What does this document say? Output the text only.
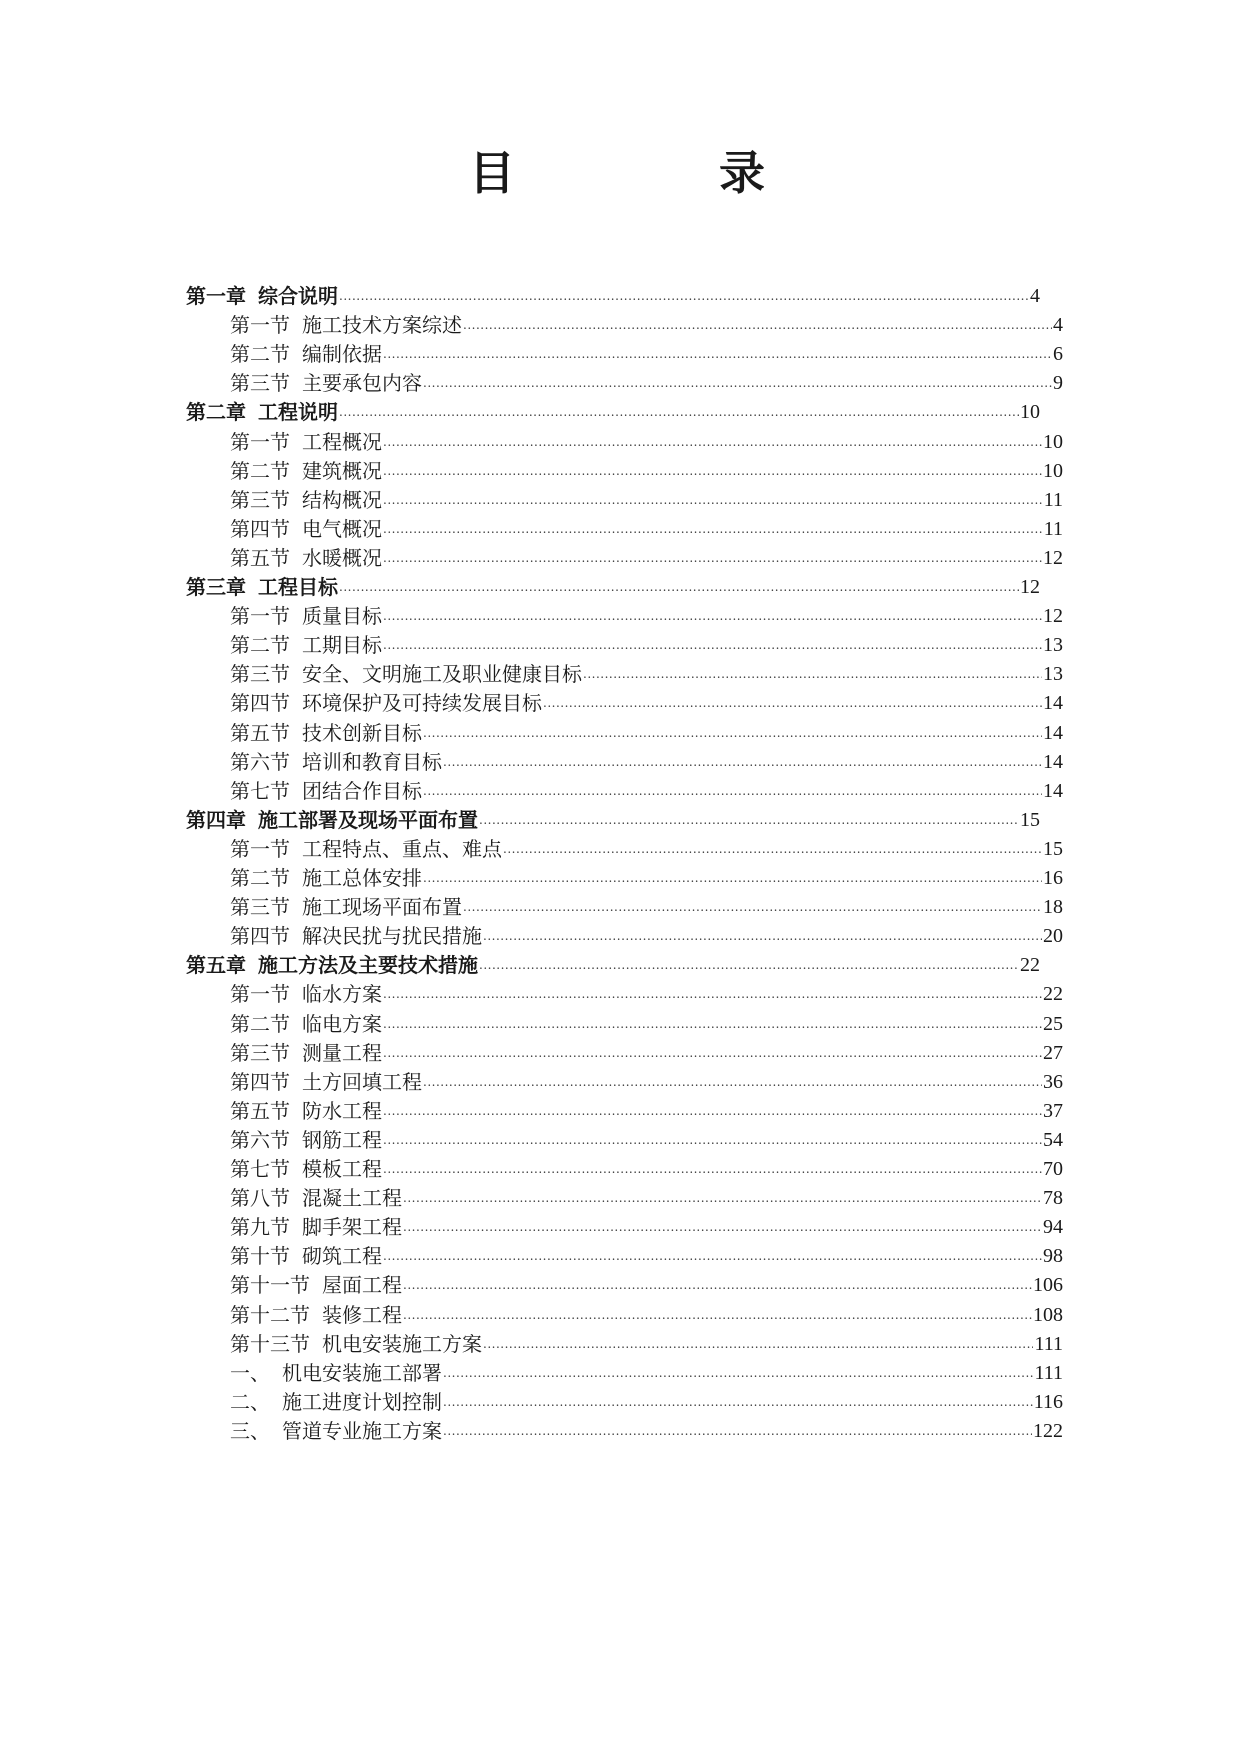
目	录
第一章 综合说明 .....	4
第一节 施工技术方案综述 .....	4
第二节 编制依据 .....	6
第三节 主要承包内容 .....	9
第二章 工程说明 .....	10
第一节 工程概况 .....	10
第二节 建筑概况 .....	10
第三节 结构概况 .....	11
第四节 电气概况 .....	11
第五节 水暖概况 .....	12
第三章 工程目标 .....	12
第一节 质量目标 .....	12
第二节 工期目标 .....	13
第三节 安全、文明施工及职业健康目标 .....	13
第四节 环境保护及可持续发展目标 .....	14
第五节 技术创新目标 .....	14
第六节 培训和教育目标 .....	14
第七节 团结合作目标 .....	14
第四章 施工部署及现场平面布置 .....	15
第一节 工程特点、重点、难点 .....	15
第二节 施工总体安排 .....	16
第三节 施工现场平面布置 .....	18
第四节 解决民扰与扰民措施 .....	20
第五章 施工方法及主要技术措施 .....	22
第一节 临水方案 .....	22
第二节 临电方案 .....	25
第三节 测量工程 .....	27
第四节 土方回填工程 .....	36
第五节 防水工程 .....	37
第六节 钢筋工程 .....	54
第七节 模板工程 .....	70
第八节 混凝土工程 .....	78
第九节 脚手架工程 .....	94
第十节 砌筑工程 .....	98
第十一节 屋面工程 .....	106
第十二节 装修工程 .....	108
第十三节 机电安装施工方案 .....	111
一、 机电安装施工部署 .....	111
二、 施工进度计划控制 .....	116
三、 管道专业施工方案 .....	122
